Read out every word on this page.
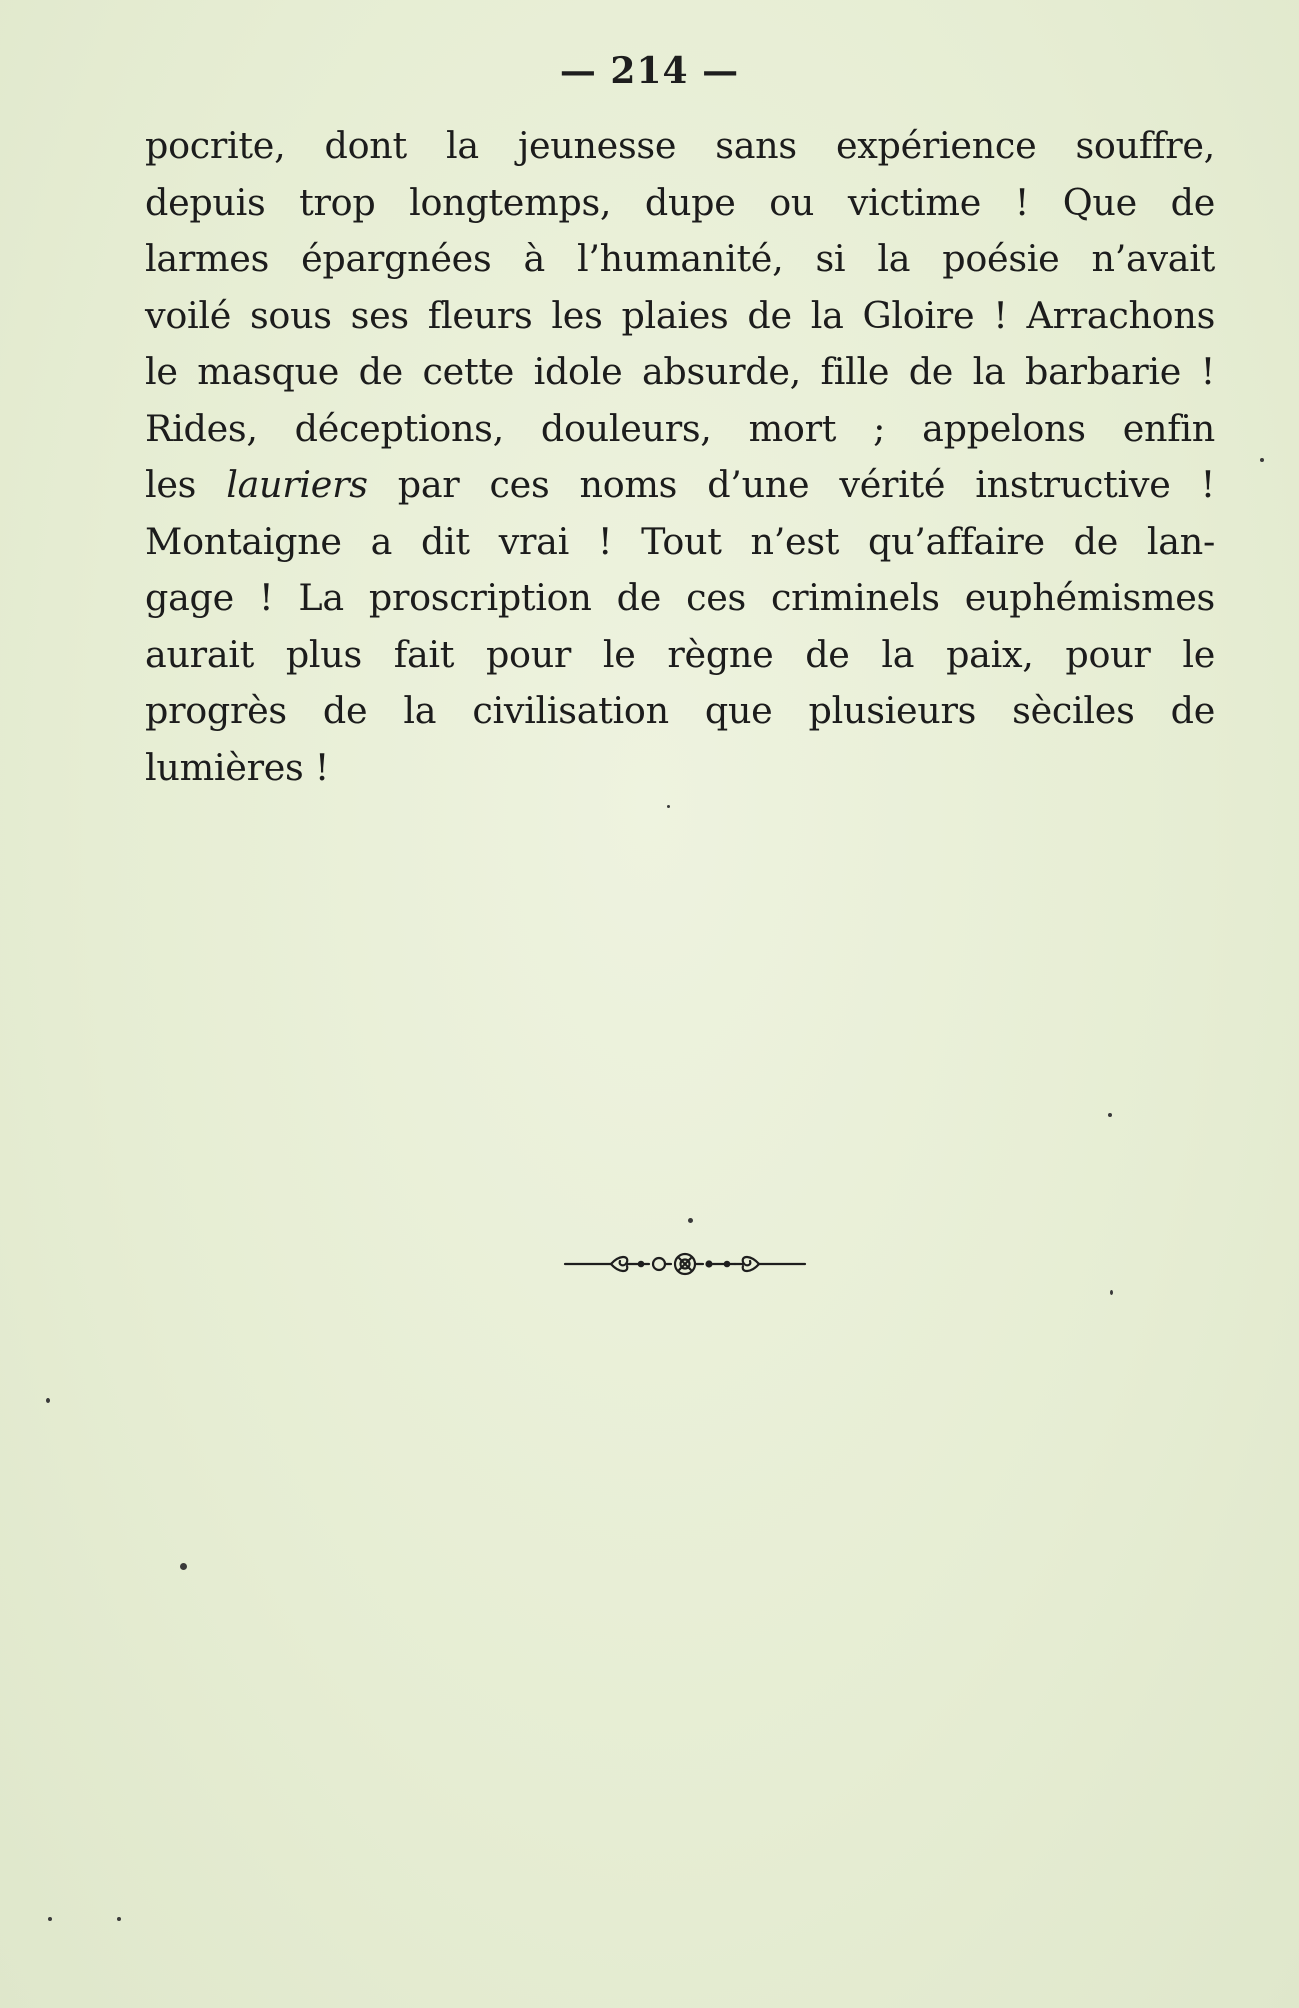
— 214 —
pocrite, dont la jeunesse sans expérience souffre,
depuis trop longtemps, dupe ou victime ! Que de
larmes épargnées à l’humanité, si la poésie n’avait
voilé sous ses fleurs les plaies de la Gloire ! Arrachons
le masque de cette idole absurde, fille de la barbarie !
Rides, déceptions, douleurs, mort ; appelons enfin
les lauriers par ces noms d’une vérité instructive !
Montaigne a dit vrai ! Tout n’est qu’affaire de lan-
gage ! La proscription de ces criminels euphémismes
aurait plus fait pour le règne de la paix, pour le
progrès de la civilisation que plusieurs sèciles de
lumières !
